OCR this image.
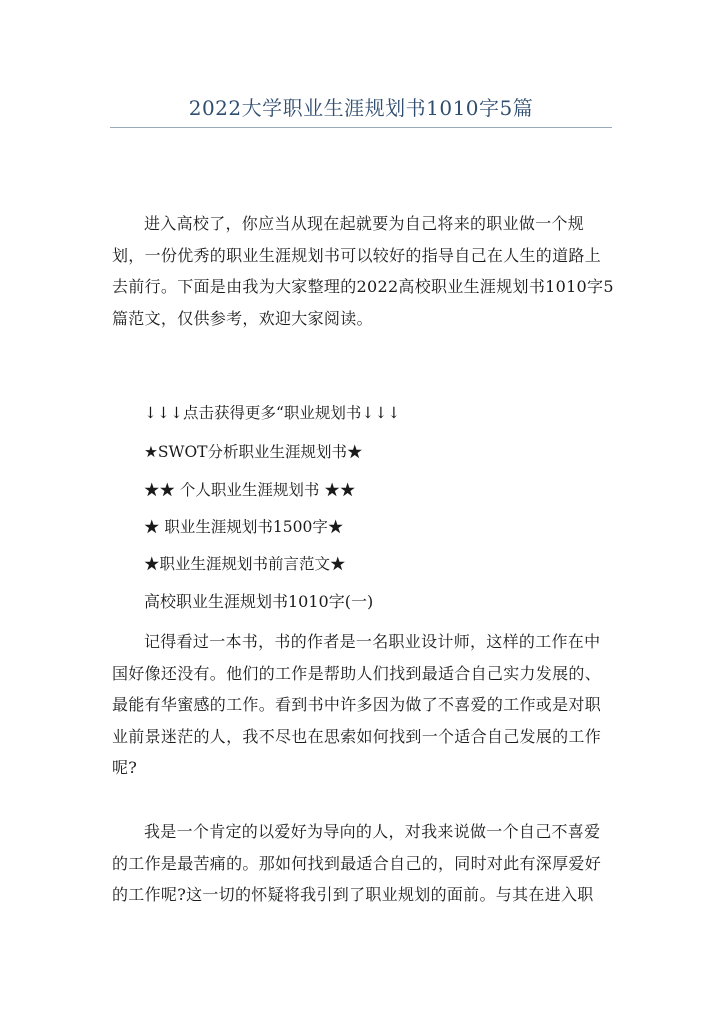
2022大学职业生涯规划书1010字5篇

进入高校了，你应当从现在起就要为自己将来的职业做一个规划，一份优秀的职业生涯规划书可以较好的指导自己在人生的道路上去前行。下面是由我为大家整理的2022高校职业生涯规划书1010字5篇范文，仅供参考，欢迎大家阅读。

↓↓↓点击获得更多“职业规划书↓↓↓
★SWOT分析职业生涯规划书★
★★ 个人职业生涯规划书 ★★
★ 职业生涯规划书1500字★
★职业生涯规划书前言范文★
高校职业生涯规划书1010字(一)

记得看过一本书，书的作者是一名职业设计师，这样的工作在中国好像还没有。他们的工作是帮助人们找到最适合自己实力发展的、最能有华蜜感的工作。看到书中许多因为做了不喜爱的工作或是对职业前景迷茫的人，我不尽也在思索如何找到一个适合自己发展的工作呢?

我是一个肯定的以爱好为导向的人，对我来说做一个自己不喜爱的工作是最苦痛的。那如何找到最适合自己的，同时对此有深厚爱好的工作呢?这一切的怀疑将我引到了职业规划的面前。与其在进入职
